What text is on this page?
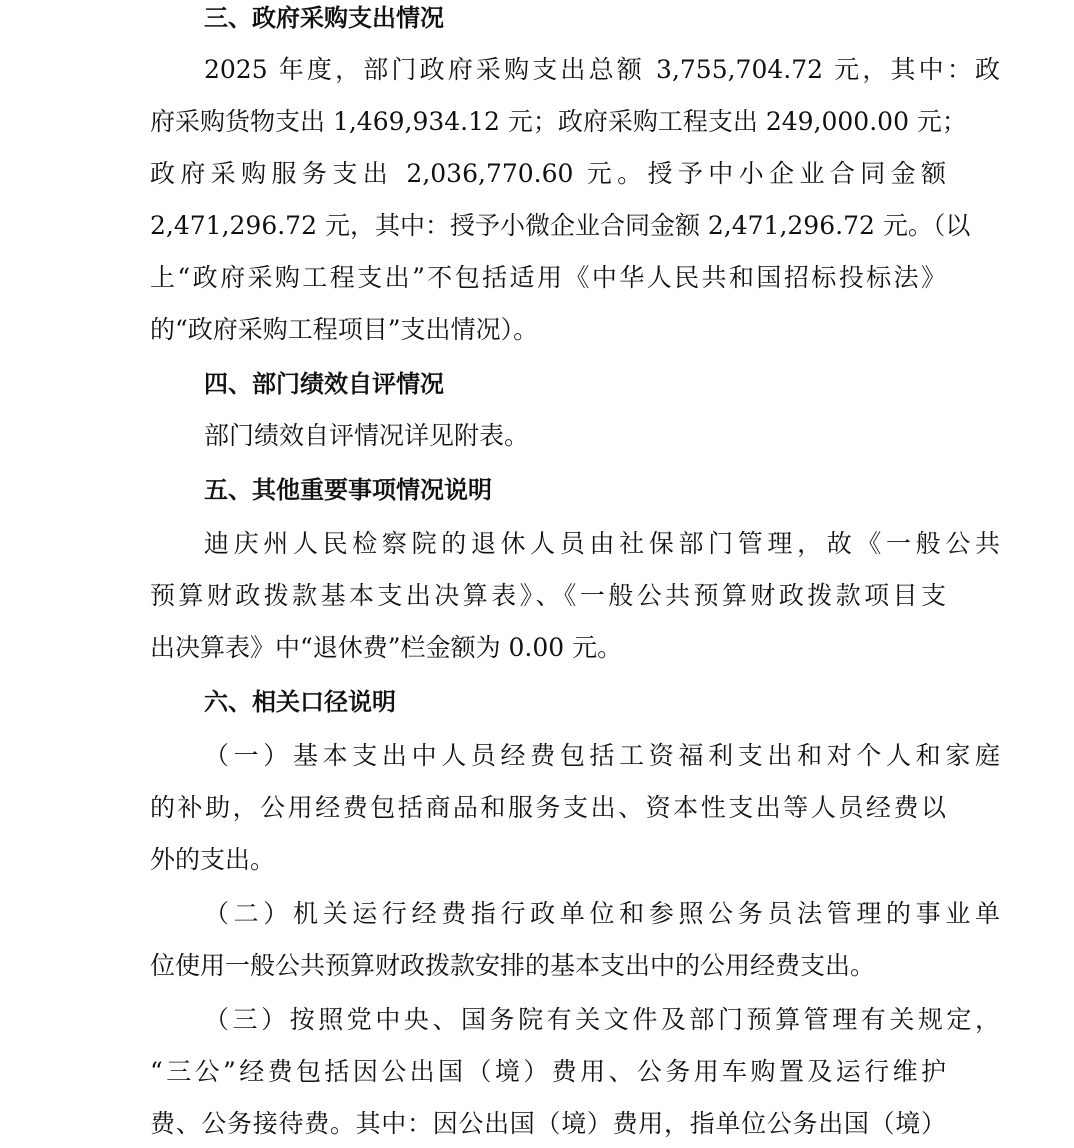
三、政府采购支出情况
2025 年度，部门政府采购支出总额 3,755,704.72 元，其中：政
府采购货物支出 1,469,934.12 元；政府采购工程支出 249,000.00 元；
政府采购服务支出 2,036,770.60 元。授予中小企业合同金额
2,471,296.72 元，其中：授予小微企业合同金额 2,471,296.72 元。（以
上“政府采购工程支出”不包括适用《中华人民共和国招标投标法》
的“政府采购工程项目”支出情况）。
四、部门绩效自评情况
部门绩效自评情况详见附表。
五、其他重要事项情况说明
迪庆州人民检察院的退休人员由社保部门管理，故《一般公共
预算财政拨款基本支出决算表》、《一般公共预算财政拨款项目支
出决算表》中“退休费”栏金额为 0.00 元。
六、相关口径说明
（一）基本支出中人员经费包括工资福利支出和对个人和家庭
的补助，公用经费包括商品和服务支出、资本性支出等人员经费以
外的支出。
（二）机关运行经费指行政单位和参照公务员法管理的事业单
位使用一般公共预算财政拨款安排的基本支出中的公用经费支出。
（三）按照党中央、国务院有关文件及部门预算管理有关规定，
“三公”经费包括因公出国（境）费用、公务用车购置及运行维护
费、公务接待费。其中：因公出国（境）费用，指单位公务出国（境）
